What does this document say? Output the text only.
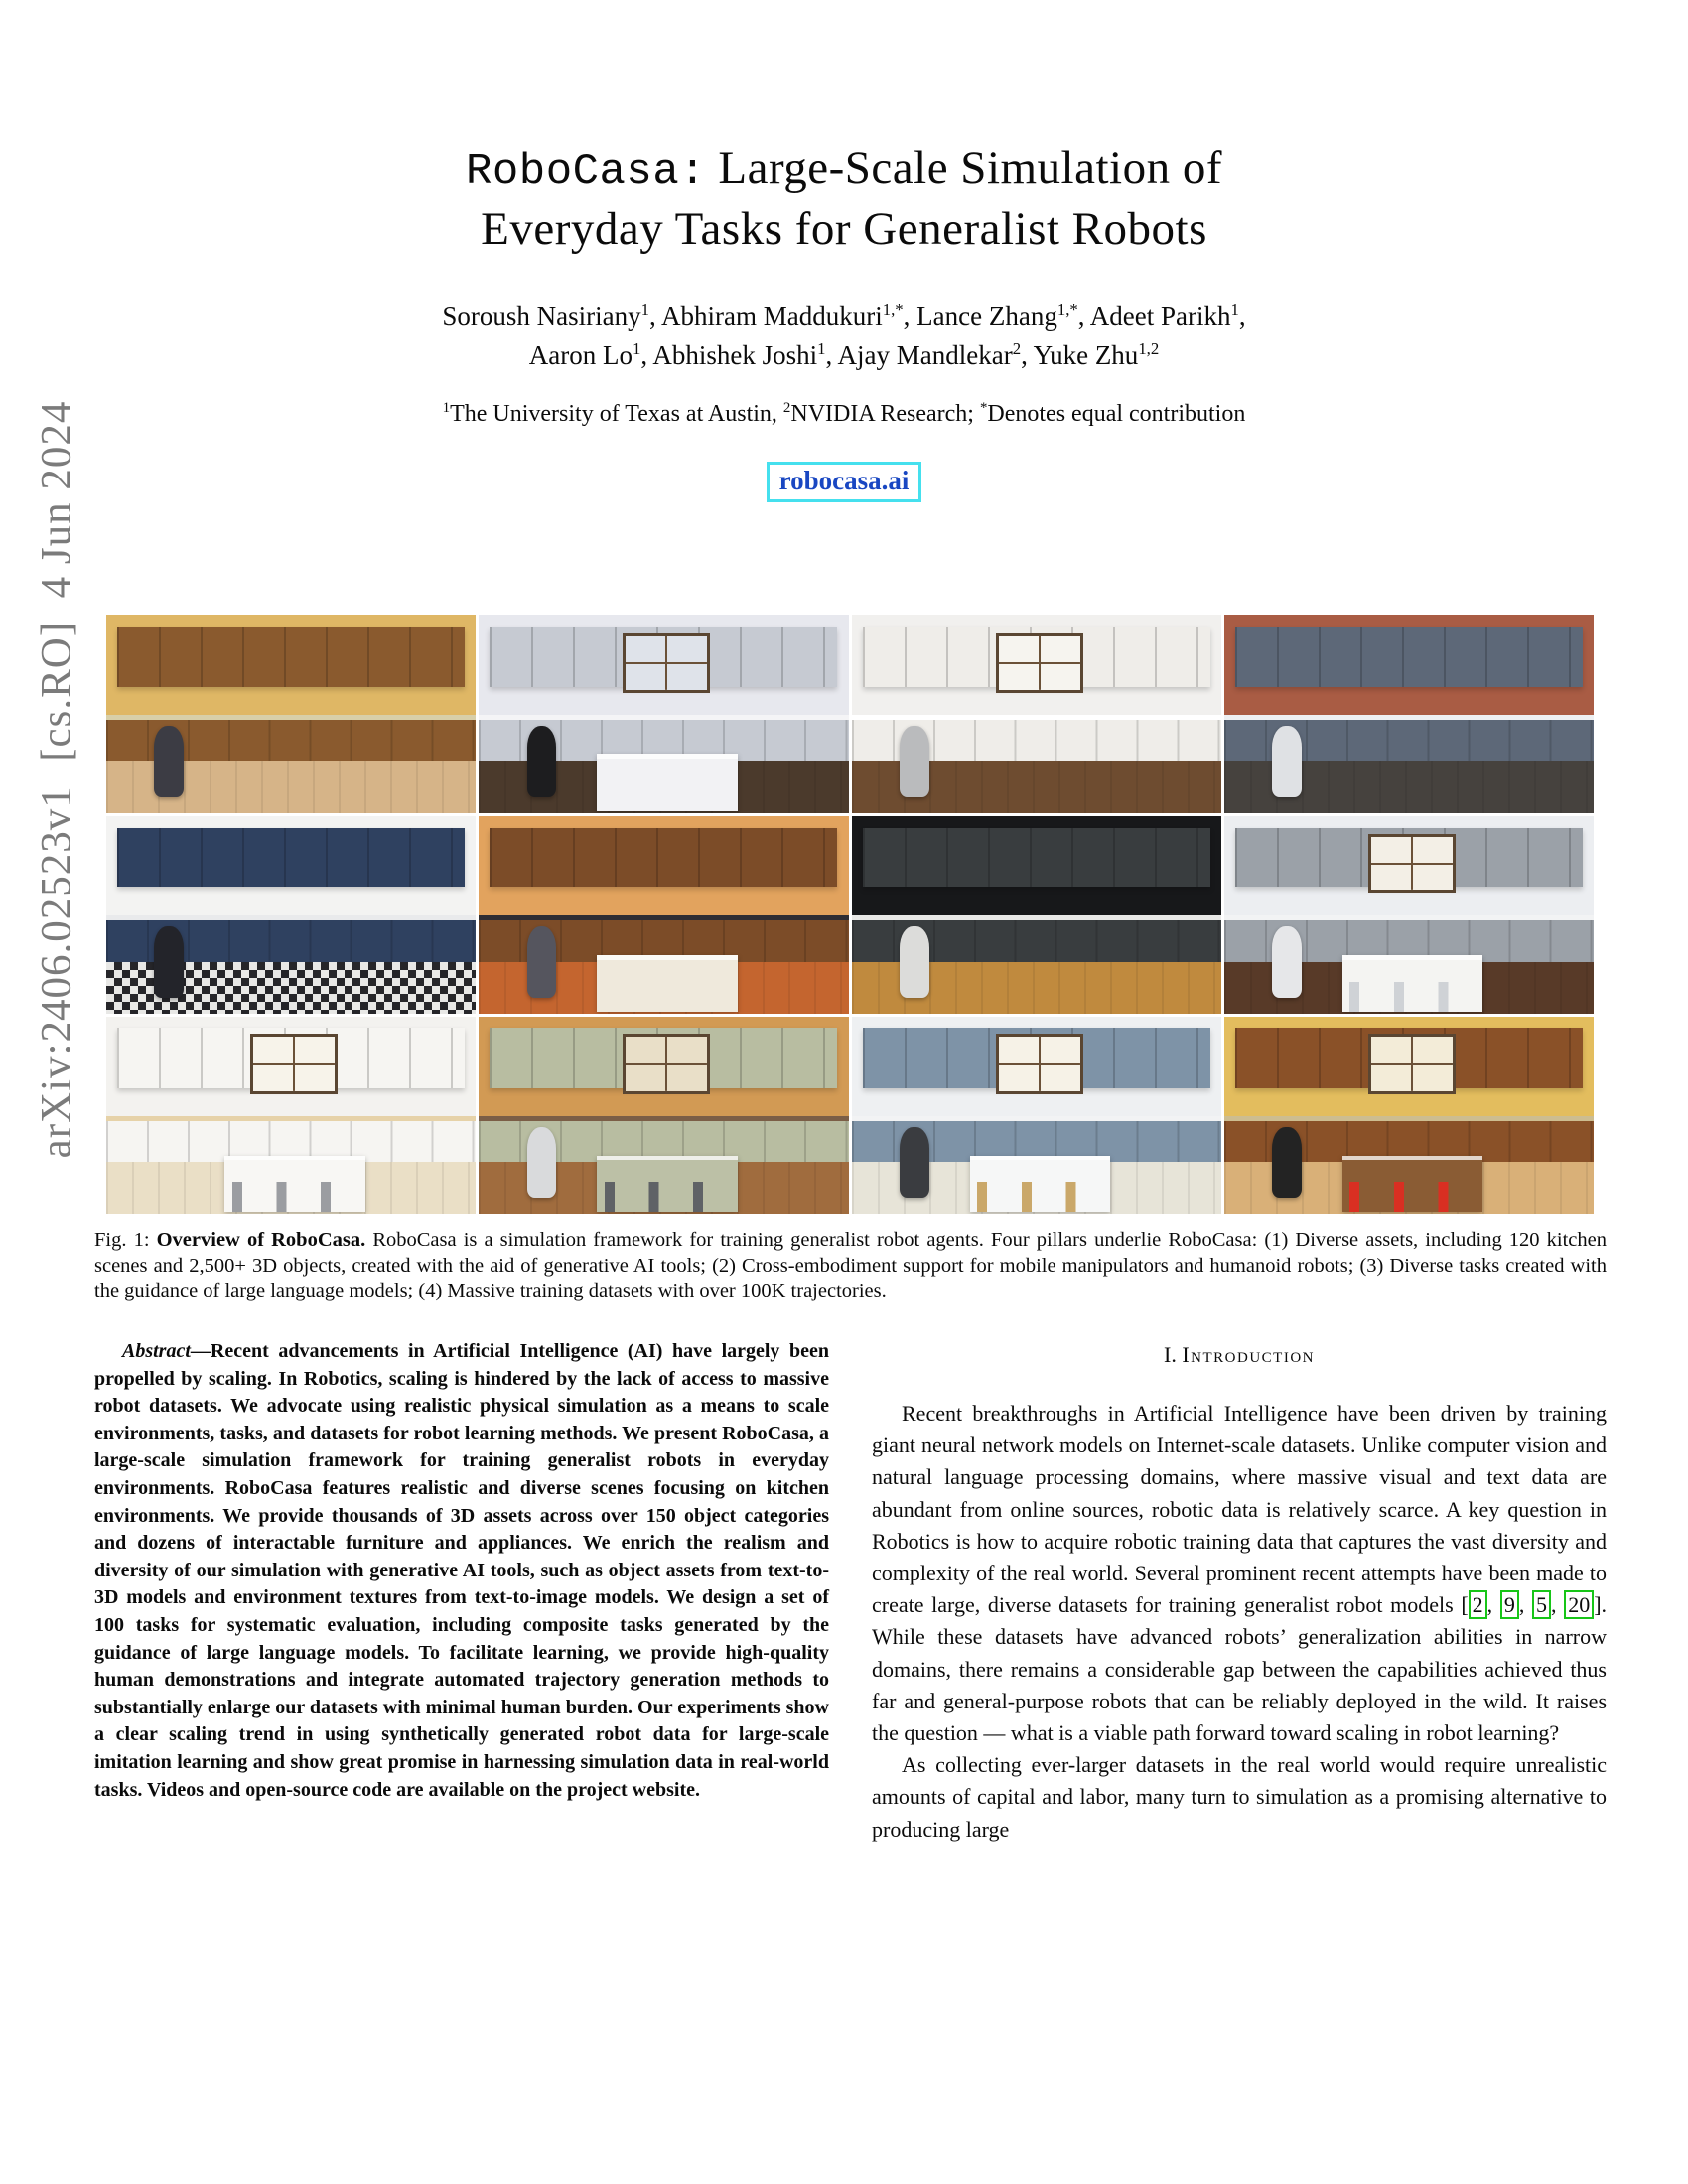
arXiv:2406.02523v1  [cs.RO]  4 Jun 2024
RoboCasa: Large-Scale Simulation of
Everyday Tasks for Generalist Robots
Soroush Nasiriany$^1$, Abhiram Maddukuri$^{1,*}$, Lance Zhang$^{1,*}$, Adeet Parikh$^1$,
Aaron Lo$^1$, Abhishek Joshi$^1$, Ajay Mandlekar$^2$, Yuke Zhu$^{1,2}$
$^1$The University of Texas at Austin, $^2$NVIDIA Research; *Denotes equal contribution
robocasa.ai
Fig. 1: Overview of RoboCasa. RoboCasa is a simulation framework for training generalist robot agents. Four pillars underlie RoboCasa: (1) Diverse assets, including 120 kitchen scenes and 2,500+ 3D objects, created with the aid of generative AI tools; (2) Cross-embodiment support for mobile manipulators and humanoid robots; (3) Diverse tasks created with the guidance of large language models; (4) Massive training datasets with over 100K trajectories.

Abstract—Recent advancements in Artificial Intelligence (AI) have largely been propelled by scaling. In Robotics, scaling is hindered by the lack of access to massive robot datasets. We advocate using realistic physical simulation as a means to scale environments, tasks, and datasets for robot learning methods. We present RoboCasa, a large-scale simulation framework for training generalist robots in everyday environments. RoboCasa features realistic and diverse scenes focusing on kitchen environments. We provide thousands of 3D assets across over 150 object categories and dozens of interactable furniture and appliances. We enrich the realism and diversity of our simulation with generative AI tools, such as object assets from text-to-3D models and environment textures from text-to-image models. We design a set of 100 tasks for systematic evaluation, including composite tasks generated by the guidance of large language models. To facilitate learning, we provide high-quality human demonstrations and integrate automated trajectory generation methods to substantially enlarge our datasets with minimal human burden. Our experiments show a clear scaling trend in using synthetically generated robot data for large-scale imitation learning and show great promise in harnessing simulation data in real-world tasks. Videos and open-source code are available on the project website.

I. Introduction

Recent breakthroughs in Artificial Intelligence have been driven by training giant neural network models on Internet-scale datasets. Unlike computer vision and natural language processing domains, where massive visual and text data are abundant from online sources, robotic data is relatively scarce. A key question in Robotics is how to acquire robotic training data that captures the vast diversity and complexity of the real world. Several prominent recent attempts have been made to create large, diverse datasets for training generalist robot models [ 2 , 9 , 5 , 20 ]. While these datasets have advanced robots’ generalization abilities in narrow domains, there remains a considerable gap between the capabilities achieved thus far and general-purpose robots that can be reliably deployed in the wild. It raises the question — what is a viable path forward toward scaling in robot learning?

As collecting ever-larger datasets in the real world would require unrealistic amounts of capital and labor, many turn to simulation as a promising alternative to producing large
